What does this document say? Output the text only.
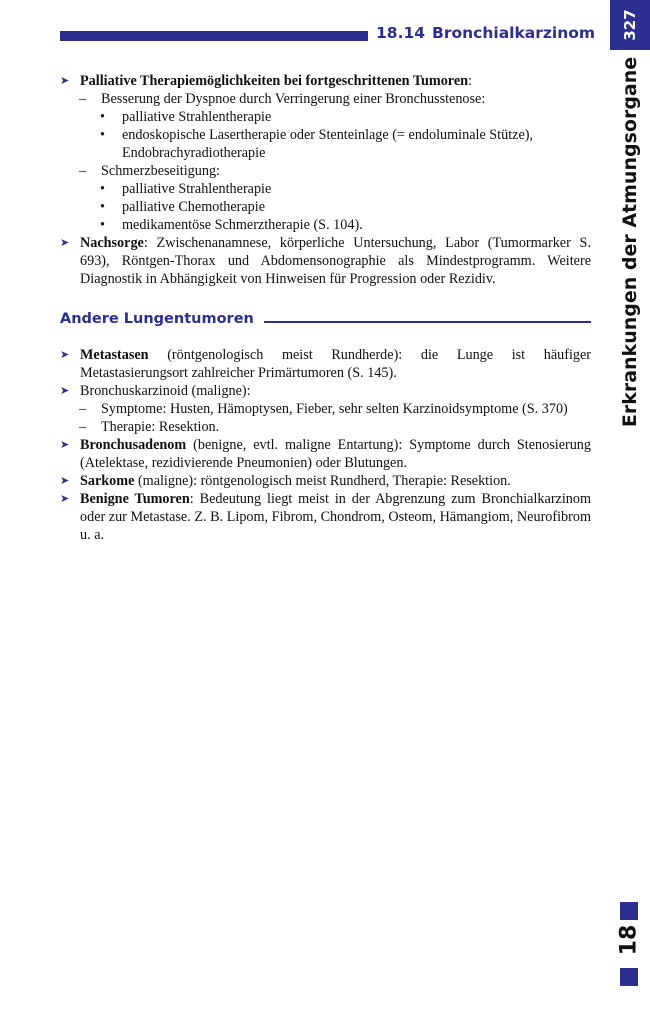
18.14 Bronchialkarzinom 327
Erkrankungen der Atmungsorgane
18
➤ Palliative Therapiemöglichkeiten bei fortgeschrittenen Tumoren:
– Besserung der Dyspnoe durch Verringerung einer Bronchusstenose:
• palliative Strahlentherapie
• endoskopische Lasertherapie oder Stenteinlage (= endoluminale Stütze), Endobrachyradiotherapie
– Schmerzbeseitigung:
• palliative Strahlentherapie
• palliative Chemotherapie
• medikamentöse Schmerztherapie (S. 104).
➤ Nachsorge: Zwischenanamnese, körperliche Untersuchung, Labor (Tumormarker S. 693), Röntgen-Thorax und Abdomensonographie als Mindestprogramm. Weitere Diagnostik in Abhängigkeit von Hinweisen für Progression oder Rezidiv.
Andere Lungentumoren
➤ Metastasen (röntgenologisch meist Rundherde): die Lunge ist häufiger Metastasierungsort zahlreicher Primärtumoren (S. 145).
➤ Bronchuskarzinoid (maligne):
– Symptome: Husten, Hämoptysen, Fieber, sehr selten Karzinoidsymptome (S. 370)
– Therapie: Resektion.
➤ Bronchusadenom (benigne, evtl. maligne Entartung): Symptome durch Stenosierung (Atelektase, rezidivierende Pneumonien) oder Blutungen.
➤ Sarkome (maligne): röntgenologisch meist Rundherd, Therapie: Resektion.
➤ Benigne Tumoren: Bedeutung liegt meist in der Abgrenzung zum Bronchialkarzinom oder zur Metastase. Z. B. Lipom, Fibrom, Chondrom, Osteom, Hämangiom, Neurofibrom u. a.
